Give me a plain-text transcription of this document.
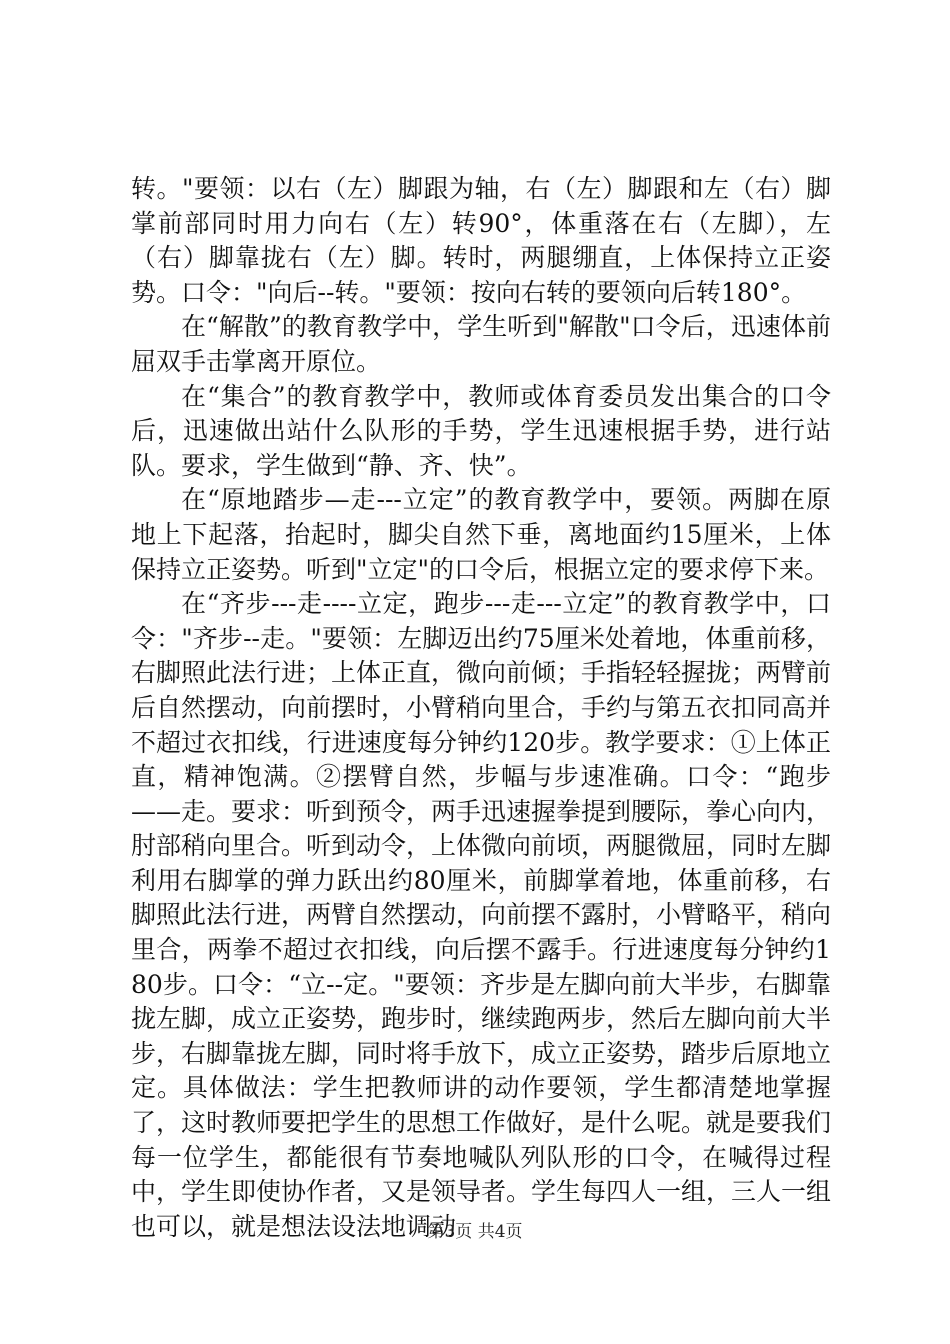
转。"要领：以右（左）脚跟为轴，右（左）脚跟和左（右）脚掌前部同时用力向右（左）转90°，体重落在右（左脚），左（右）脚靠拢右（左）脚。转时，两腿绷直，上体保持立正姿势。口令："向后--转。"要领：按向右转的要领向后转180°。

在“解散”的教育教学中，学生听到"解散"口令后，迅速体前屈双手击掌离开原位。

在“集合”的教育教学中，教师或体育委员发出集合的口令后，迅速做出站什么队形的手势，学生迅速根据手势，进行站队。要求，学生做到“静、齐、快”。

在“原地踏步—走---立定”的教育教学中，要领。两脚在原地上下起落，抬起时，脚尖自然下垂，离地面约15厘米，上体保持立正姿势。听到"立定"的口令后，根据立定的要求停下来。

在“齐步---走----立定，跑步---走---立定”的教育教学中，口令："齐步--走。"要领：左脚迈出约75厘米处着地，体重前移，右脚照此法行进；上体正直，微向前倾；手指轻轻握拢；两臂前后自然摆动，向前摆时，小臂稍向里合，手约与第五衣扣同高并不超过衣扣线，行进速度每分钟约120步。教学要求：①上体正直，精神饱满。②摆臂自然，步幅与步速准确。口令：“跑步——走。要求：听到预令，两手迅速握拳提到腰际，拳心向内，肘部稍向里合。听到动令，上体微向前顷，两腿微屈，同时左脚利用右脚掌的弹力跃出约80厘米，前脚掌着地，体重前移，右脚照此法行进，两臂自然摆动，向前摆不露肘，小臂略平，稍向里合，两拳不超过衣扣线，向后摆不露手。行进速度每分钟约180步。口令：“立--定。"要领：齐步是左脚向前大半步，右脚靠拢左脚，成立正姿势，跑步时，继续跑两步，然后左脚向前大半步，右脚靠拢左脚，同时将手放下，成立正姿势，踏步后原地立定。具体做法：学生把教师讲的动作要领，学生都清楚地掌握了，这时教师要把学生的思想工作做好，是什么呢。就是要我们每一位学生，都能很有节奏地喊队列队形的口令，在喊得过程中，学生即使协作者，又是领导者。学生每四人一组，三人一组也可以，就是想法设法地调动

第3页 共4页
